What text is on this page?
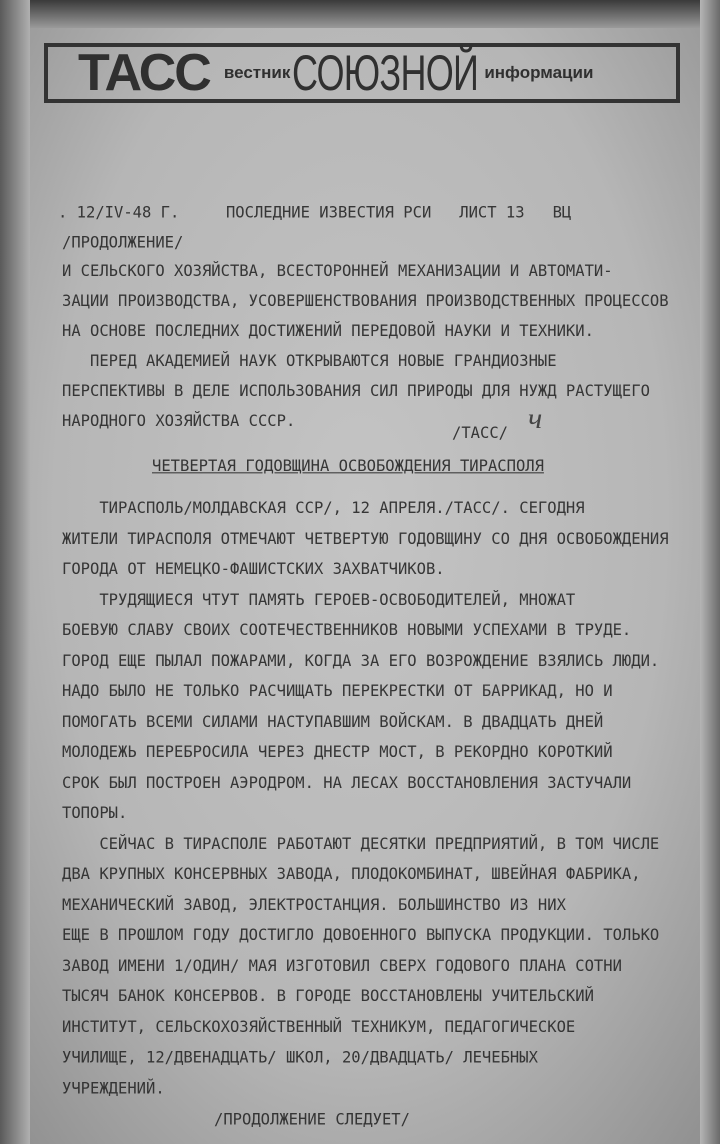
ТАСС вестник СОЮЗНОЙ информации
. 12/IV-48 Г.     ПОСЛЕДНИЕ ИЗВЕСТИЯ РСИ   ЛИСТ 13   ВЦ
/ПРОДОЛЖЕНИЕ/
И СЕЛЬСКОГО ХОЗЯЙСТВА, ВСЕСТОРОННЕЙ МЕХАНИЗАЦИИ И АВТОМАТИ-
ЗАЦИИ ПРОИЗВОДСТВА, УСОВЕРШЕНСТВОВАНИЯ ПРОИЗВОДСТВЕННЫХ ПРОЦЕССОВ
НА ОСНОВЕ ПОСЛЕДНИХ ДОСТИЖЕНИЙ ПЕРЕДОВОЙ НАУКИ И ТЕХНИКИ.
ПЕРЕД АКАДЕМИЕЙ НАУК ОТКРЫВАЮТСЯ НОВЫЕ ГРАНДИОЗНЫЕ
ПЕРСПЕКТИВЫ В ДЕЛЕ ИСПОЛЬЗОВАНИЯ СИЛ ПРИРОДЫ ДЛЯ НУЖД РАСТУЩЕГО
НАРОДНОГО ХОЗЯЙСТВА СССР.
/ТАСС/ ч
ЧЕТВЕРТАЯ ГОДОВЩИНА ОСВОБОЖДЕНИЯ ТИРАСПОЛЯ
ТИРАСПОЛЬ/МОЛДАВСКАЯ ССР/, 12 АПРЕЛЯ./ТАСС/. СЕГОДНЯ
ЖИТЕЛИ ТИРАСПОЛЯ ОТМЕЧАЮТ ЧЕТВЕРТУЮ ГОДОВЩИНУ СО ДНЯ ОСВОБОЖДЕНИЯ
ГОРОДА ОТ НЕМЕЦКО-ФАШИСТСКИХ ЗАХВАТЧИКОВ.
ТРУДЯЩИЕСЯ ЧТУТ ПАМЯТЬ ГЕРОЕВ-ОСВОБОДИТЕЛЕЙ, МНОЖАТ
БОЕВУЮ СЛАВУ СВОИХ СООТЕЧЕСТВЕННИКОВ НОВЫМИ УСПЕХАМИ В ТРУДЕ.
ГОРОД ЕЩЕ ПЫЛАЛ ПОЖАРАМИ, КОГДА ЗА ЕГО ВОЗРОЖДЕНИЕ ВЗЯЛИСЬ ЛЮДИ.
НАДО БЫЛО НЕ ТОЛЬКО РАСЧИЩАТЬ ПЕРЕКРЕСТКИ ОТ БАРРИКАД, НО И
ПОМОГАТЬ ВСЕМИ СИЛАМИ НАСТУПАВШИМ ВОЙСКАМ. В ДВАДЦАТЬ ДНЕЙ
МОЛОДЕЖЬ ПЕРЕБРОСИЛА ЧЕРЕЗ ДНЕСТР МОСТ, В РЕКОРДНО КОРОТКИЙ
СРОК БЫЛ ПОСТРОЕН АЭРОДРОМ. НА ЛЕСАХ ВОССТАНОВЛЕНИЯ ЗАСТУЧАЛИ
ТОПОРЫ.
СЕЙЧАС В ТИРАСПОЛЕ РАБОТАЮТ ДЕСЯТКИ ПРЕДПРИЯТИЙ, В ТОМ ЧИСЛЕ
ДВА КРУПНЫХ КОНСЕРВНЫХ ЗАВОДА, ПЛОДОКОМБИНАТ, ШВЕЙНАЯ ФАБРИКА,
МЕХАНИЧЕСКИЙ ЗАВОД, ЭЛЕКТРОСТАНЦИЯ. БОЛЬШИНСТВО ИЗ НИХ
ЕЩЕ В ПРОШЛОМ ГОДУ ДОСТИГЛО ДОВОЕННОГО ВЫПУСКА ПРОДУКЦИИ. ТОЛЬКО
ЗАВОД ИМЕНИ 1/ОДИН/ МАЯ ИЗГОТОВИЛ СВЕРХ ГОДОВОГО ПЛАНА СОТНИ
ТЫСЯЧ БАНОК КОНСЕРВОВ. В ГОРОДЕ ВОССТАНОВЛЕНЫ УЧИТЕЛЬСКИЙ
ИНСТИТУТ, СЕЛЬСКОХОЗЯЙСТВЕННЫЙ ТЕХНИКУМ, ПЕДАГОГИЧЕСКОЕ
УЧИЛИЩЕ, 12/ДВЕНАДЦАТЬ/ ШКОЛ, 20/ДВАДЦАТЬ/ ЛЕЧЕБНЫХ
УЧРЕЖДЕНИЙ.
/ПРОДОЛЖЕНИЕ СЛЕДУЕТ/
